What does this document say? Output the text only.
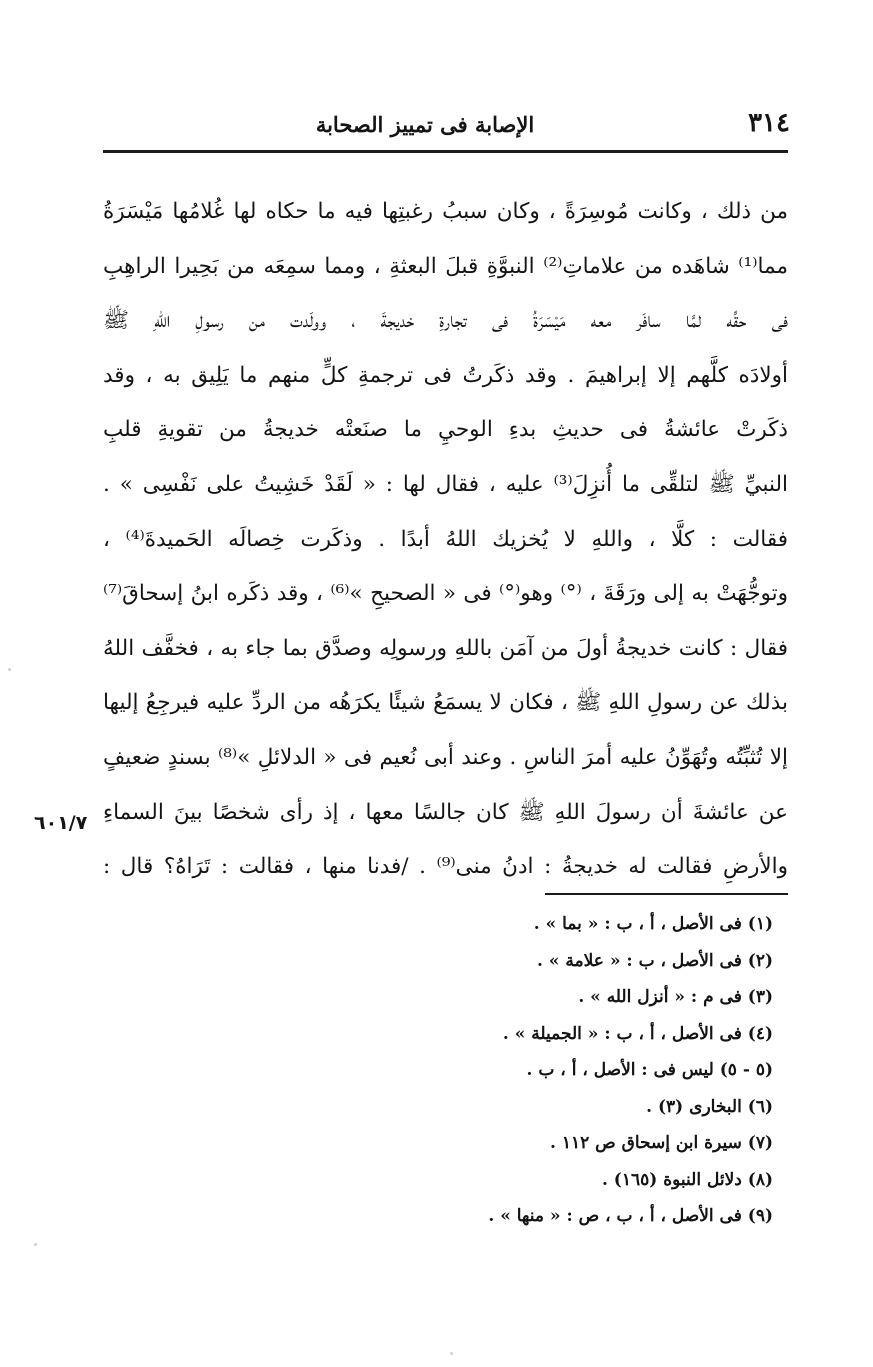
٣١٤
الإصابة فى تمييز الصحابة
من ذلك ، وكانت مُوسِرَةً ، وكان سببُ رغبتِها فيه ما حكاه لها غُلامُها مَيْسَرَةُ
مما⁽¹⁾ شاهَده من علاماتِ⁽²⁾ النبوَّةِ قبلَ البعثةِ ، ومما سمِعَه من بَحِيرا الراهِبِ
فى حقِّه لمَّا سافَر معه مَيْسَرَةُ فى تجارةِ خديجةَ ، وولَدت من رسولِ اللهِ ﷺ
أولادَه كلَّهم إلا إبراهيمَ . وقد ذكَرتُ فى ترجمةِ كلٍّ منهم ما يَلِيق به ، وقد
ذكَرتْ عائشةُ فى حديثِ بدءِ الوحيِ ما صنَعتْه خديجةُ من تقويةِ قلبِ
النبيِّ ﷺ لتلقِّى ما أُنزِلَ⁽³⁾ عليه ، فقال لها : « لَقَدْ خَشِيتُ على نَفْسِى » .
فقالت : كلَّا ، واللهِ لا يُخزيك اللهُ أبدًا . وذكَرت خِصالَه الحَميدةَ⁽⁴⁾ ،
وتوجُّهَتْ به إلى ورَقَةَ ، ⁽°⁾ وهو⁽°⁾ فى « الصحيحِ »⁽⁶⁾ ، وقد ذكَره ابنُ إسحاقَ⁽⁷⁾
فقال : كانت خديجةُ أولَ من آمَن باللهِ ورسولِه وصدَّق بما جاء به ، فخفَّف اللهُ
بذلك عن رسولِ اللهِ ﷺ ، فكان لا يسمَعُ شيئًا يكرَهُه من الردِّ عليه فيرجِعُ إليها
إلا تُثبِّتُه وتُهَوِّنُ عليه أمرَ الناسِ . وعند أبى نُعيم فى « الدلائلِ »⁽⁸⁾ بسندٍ ضعيفٍ
عن عائشةَ أن رسولَ اللهِ ﷺ كان جالسًا معها ، إذ رأى شخصًا بينَ السماءِ
والأرضِ فقالت له خديجةُ : ادنُ منى⁽⁹⁾ . /فدنا منها ، فقالت : تَرَاهُ؟ قال :
٦٠١/٧
(١) فى الأصل ، أ ، ب : « بما » .
(٢) فى الأصل ، ب : « علامة » .
(٣) فى م : « أنزل الله » .
(٤) فى الأصل ، أ ، ب : « الجميلة » .
(٥ - ٥) ليس فى : الأصل ، أ ، ب .
(٦) البخارى (٣) .
(٧) سيرة ابن إسحاق ص ١١٢ .
(٨) دلائل النبوة (١٦٥) .
(٩) فى الأصل ، أ ، ب ، ص : « منها » .
